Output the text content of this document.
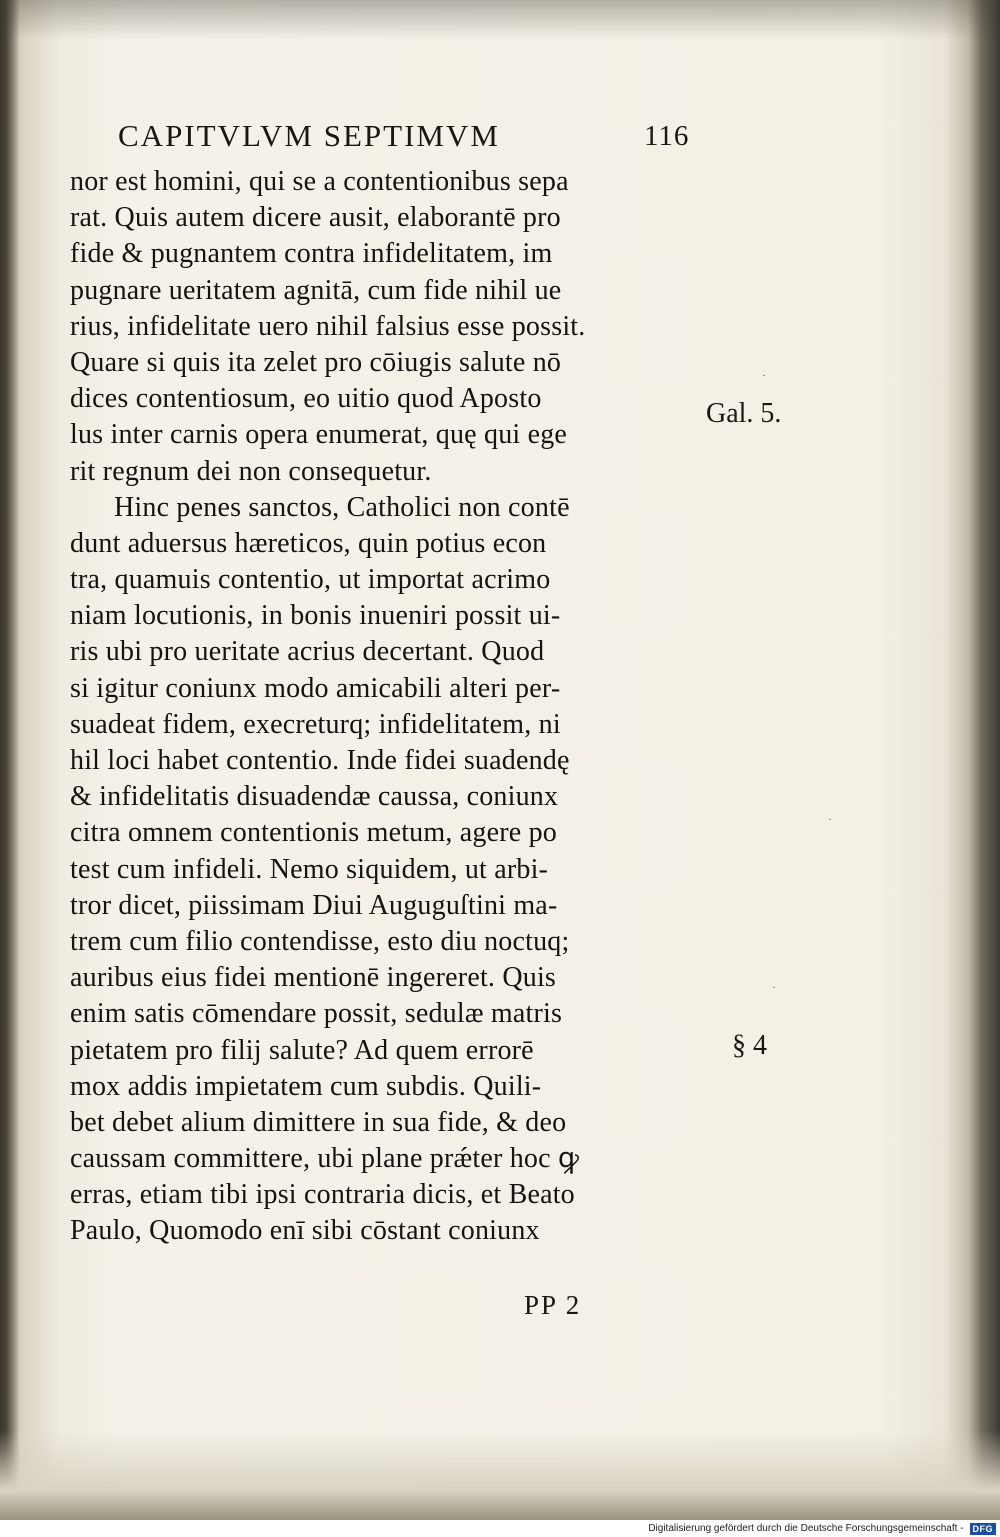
CAPITVLVM SEPTIMVM	116
nor est homini, qui se a contentionibus sepa
rat. Quis autem dicere ausit, elaborantē pro
fide & pugnantem contra infidelitatem, im
pugnare ueritatem agnitā, cum fide nihil ue
rius, infidelitate uero nihil falsius esse possit.
Quare si quis ita zelet pro cōiugis salute nō
dices contentiosum, eo uitio quod Aposto
lus inter carnis opera enumerat, quę qui ege
rit regnum dei non consequetur.
Hinc penes sanctos, Catholici non contē
dunt aduersus hæreticos, quin potius econ
tra, quamuis contentio, ut importat acrimo
niam locutionis, in bonis inueniri possit ui-
ris ubi pro ueritate acrius decertant. Quod
si igitur coniunx modo amicabili alteri per-
suadeat fidem, execreturq; infidelitatem, ni
hil loci habet contentio. Inde fidei suadendę
& infidelitatis disuadendæ caussa, coniunx
citra omnem contentionis metum, agere po
test cum infideli. Nemo siquidem, ut arbi-
tror dicet, piissimam Diui Auguguſtini ma-
trem cum filio contendisse, esto diu noctuq;
auribus eius fidei mentionē ingereret. Quis
enim satis cōmendare possit, sedulæ matris
pietatem pro filij salute? Ad quem errorē
mox addis impietatem cum subdis. Quili-
bet debet alium dimittere in sua fide, & deo
caussam committere, ubi plane prǽter hoc ꝙ
erras, etiam tibi ipsi contraria dicis, et Beato
Paulo, Quomodo enī sibi cōstant coniunx
Gal. 5.
§ 4
PP 2
·
·
·
Digitalisierung gefördert durch die Deutsche Forschungsgemeinschaft -	DFG
